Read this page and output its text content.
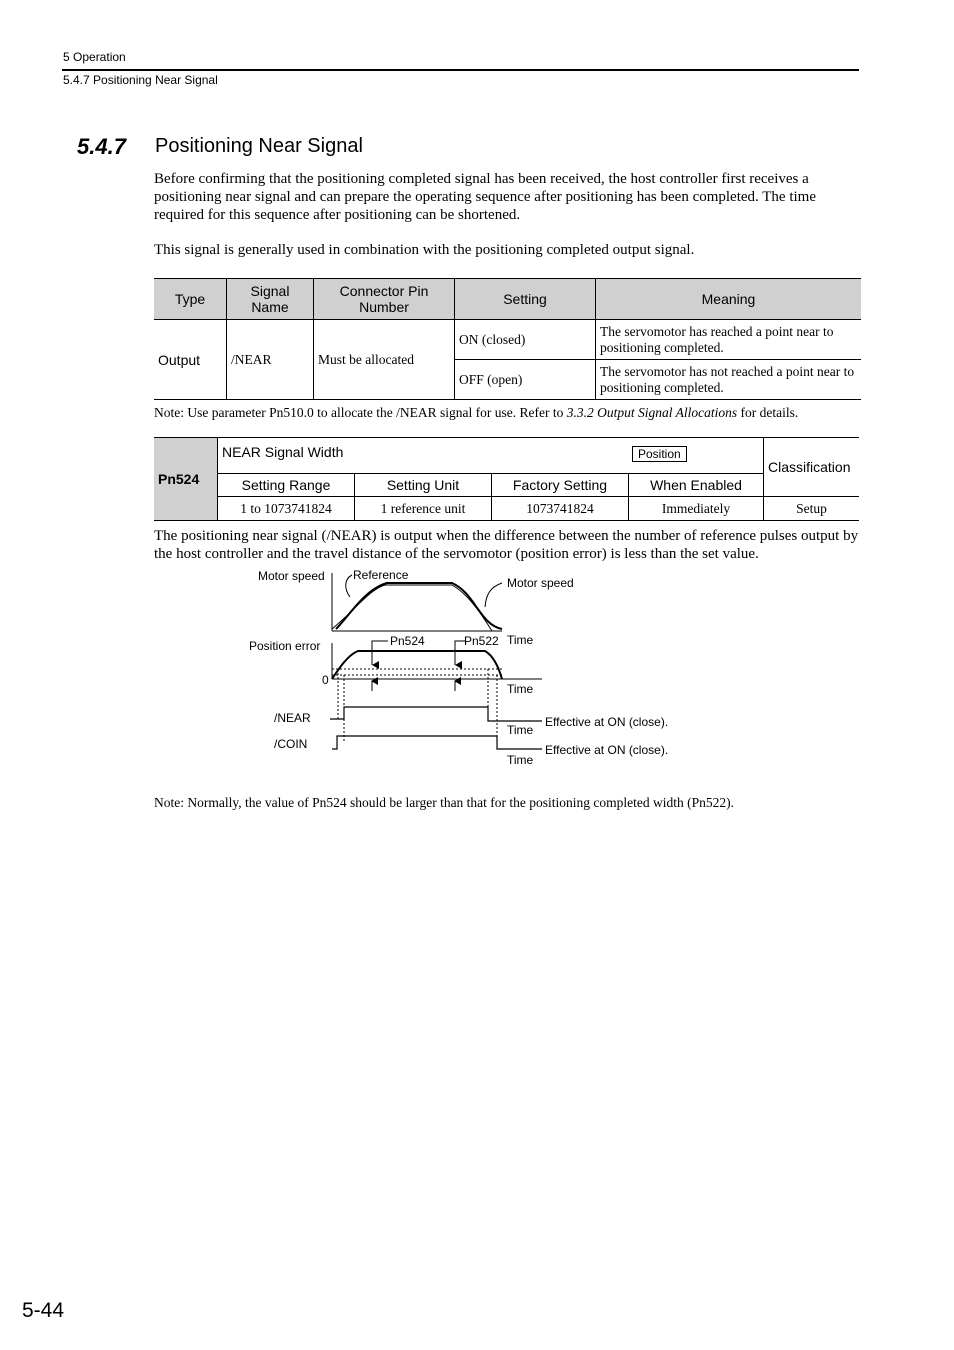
5 Operation
5.4.7 Positioning Near Signal
5.4.7 Positioning Near Signal
Before confirming that the positioning completed signal has been received, the host controller first receives a positioning near signal and can prepare the operating sequence after positioning has been completed. The time required for this sequence after positioning can be shortened.
This signal is generally used in combination with the positioning completed output signal.
Type	Signal Name	Connector Pin Number	Setting	Meaning
Output	/NEAR	Must be allocated	ON (closed)	The servomotor has reached a point near to positioning completed.
			OFF (open)	The servomotor has not reached a point near to positioning completed.
Note: Use parameter Pn510.0 to allocate the /NEAR signal for use. Refer to 3.3.2 Output Signal Allocations for details.
Pn524	NEAR Signal Width Position				Classification
	Setting Range	Setting Unit	Factory Setting	When Enabled	
	1 to 1073741824	1 reference unit	1073741824	Immediately	Setup
The positioning near signal (/NEAR) is output when the difference between the number of reference pulses output by the host controller and the travel distance of the servomotor (position error) is less than the set value.
Motor speed Reference
Motor speed
Time
Position error	Pn524	Pn522
0
Time
/NEAR
Time
Effective at ON (close).
/COIN	Effective at ON (close).
Time
Note: Normally, the value of Pn524 should be larger than that for the positioning completed width (Pn522).
5-44
